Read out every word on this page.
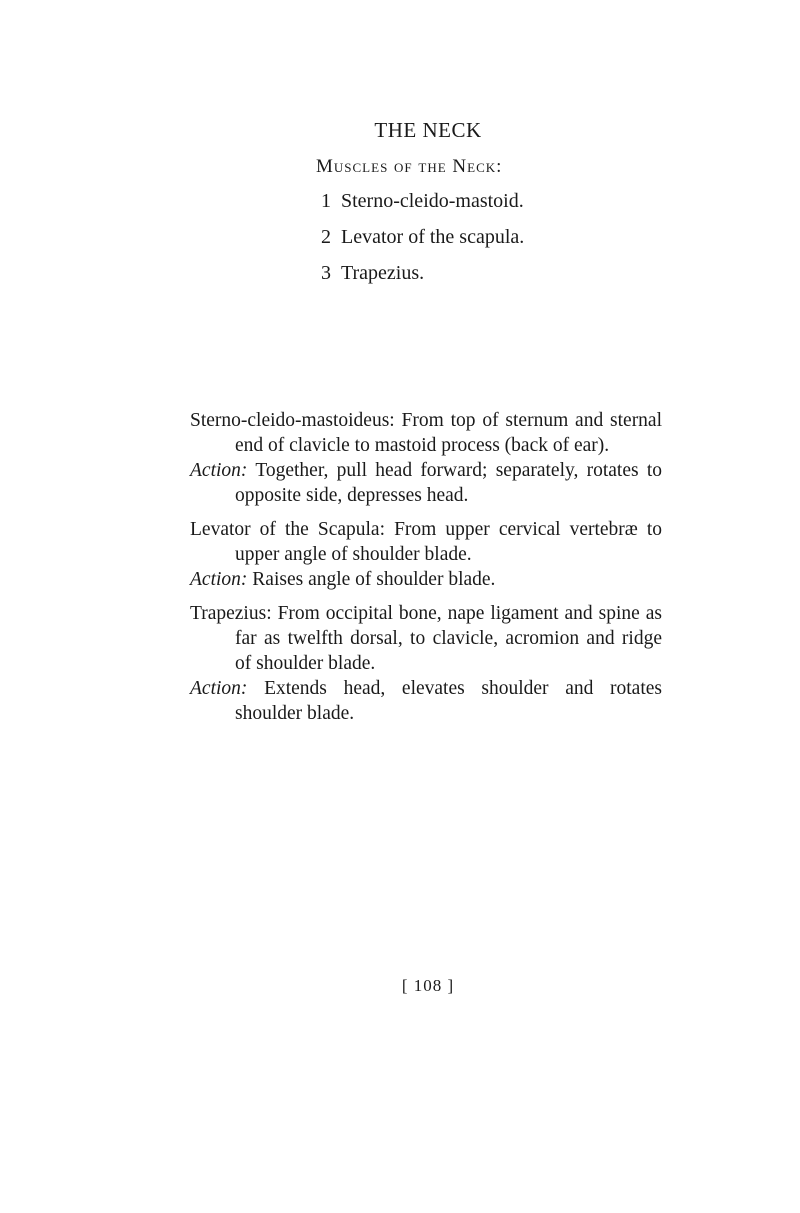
THE NECK
Muscles of the Neck:
1 Sterno-cleido-mastoid.
2 Levator of the scapula.
3 Trapezius.

Sterno-cleido-mastoideus: From top of sternum and sternal end of clavicle to mastoid process (back of ear).

Action: Together, pull head forward; separately, rotates to opposite side, depresses head.

Levator of the Scapula: From upper cervical vertebræ to upper angle of shoulder blade.

Action: Raises angle of shoulder blade.

Trapezius: From occipital bone, nape ligament and spine as far as twelfth dorsal, to clavicle, acromion and ridge of shoulder blade.

Action: Extends head, elevates shoulder and rotates shoulder blade.

[ 108 ]
